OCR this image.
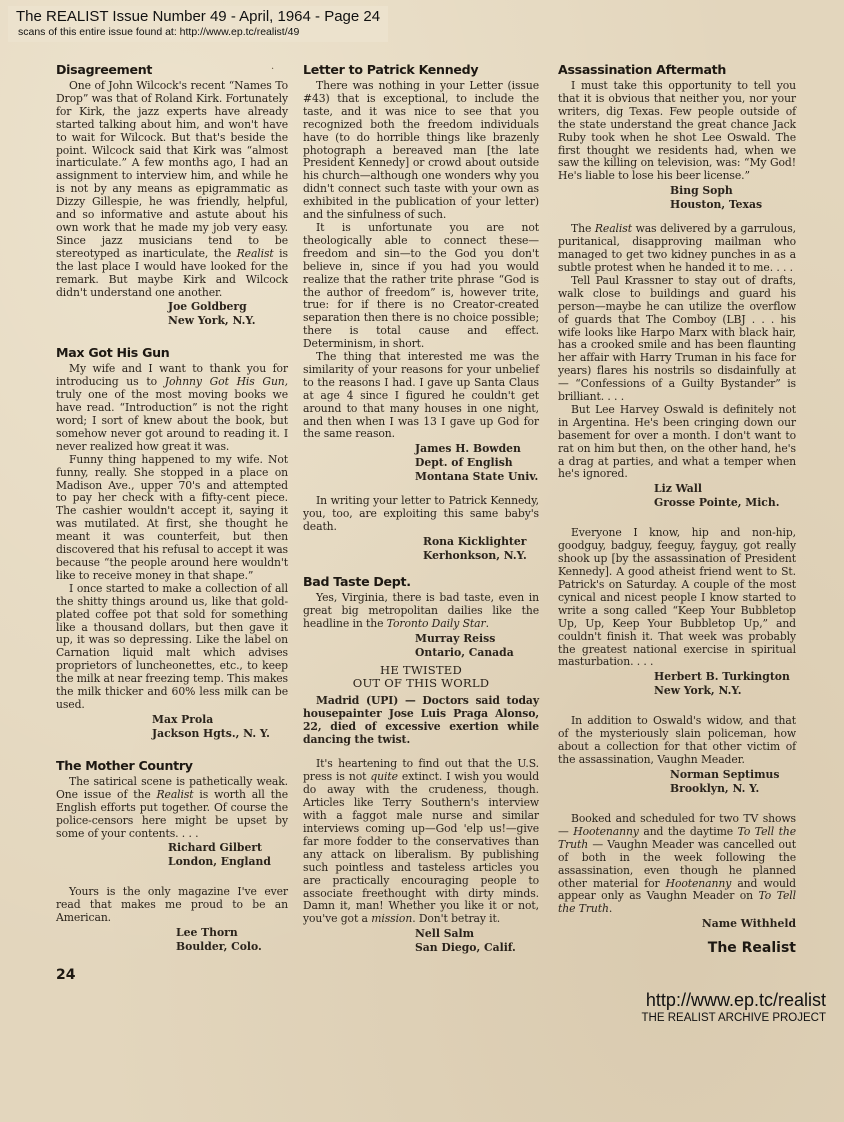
The REALIST Issue Number 49 - April, 1964 - Page 24
scans of this entire issue found at: http://www.ep.tc/realist/49
·
Disagreement

One of John Wilcock's recent “Names To Drop” was that of Roland Kirk. Fortunately for Kirk, the jazz experts have already started talking about him, and won't have to wait for Wilcock. But that's beside the point. Wilcock said that Kirk was “almost inarticulate.” A few months ago, I had an assignment to interview him, and while he is not by any means as epigrammatic as Dizzy Gillespie, he was friendly, helpful, and so informative and astute about his own work that he made my job very easy. Since jazz musicians tend to be stereotyped as inarticulate, the Realist is the last place I would have looked for the remark. But maybe Kirk and Wilcock didn't understand one another.

Joe Goldberg
New York, N.Y.
Max Got His Gun

My wife and I want to thank you for introducing us to Johnny Got His Gun, truly one of the most moving books we have read. “Introduction” is not the right word; I sort of knew about the book, but somehow never got around to reading it. I never realized how great it was.

Funny thing happened to my wife. Not funny, really. She stopped in a place on Madison Ave., upper 70's and attempted to pay her check with a fifty-cent piece. The cashier wouldn't accept it, saying it was mutilated. At first, she thought he meant it was counterfeit, but then discovered that his refusal to accept it was because “the people around here wouldn't like to receive money in that shape.”

I once started to make a collection of all the shitty things around us, like that gold-plated coffee pot that sold for something like a thousand dollars, but then gave it up, it was so depressing. Like the label on Carnation liquid malt which advises proprietors of luncheonettes, etc., to keep the milk at near freezing temp. This makes the milk thicker and 60% less milk can be used.

Max Prola
Jackson Hgts., N. Y.
The Mother Country

The satirical scene is pathetically weak. One issue of the Realist is worth all the English efforts put together. Of course the police-censors here might be upset by some of your contents. . . .

Richard Gilbert
London, England

Yours is the only magazine I've ever read that makes me proud to be an American.

Lee Thorn
Boulder, Colo.
24
Letter to Patrick Kennedy

There was nothing in your Letter (issue #43) that is exceptional, to include the taste, and it was nice to see that you recognized both the freedom individuals have (to do horrible things like brazenly photograph a bereaved man [the late President Kennedy] or crowd about outside his church—although one wonders why you didn't connect such taste with your own as exhibited in the publication of your letter) and the sinfulness of such.

It is unfortunate you are not theologically able to connect these—freedom and sin—to the God you don't believe in, since if you had you would realize that the rather trite phrase “God is the author of freedom” is, however trite, true: for if there is no Creator-created separation then there is no choice possible; there is total cause and effect. Determinism, in short.

The thing that interested me was the similarity of your reasons for your unbelief to the reasons I had. I gave up Santa Claus at age 4 since I figured he couldn't get around to that many houses in one night, and then when I was 13 I gave up God for the same reason.

James H. Bowden
Dept. of English
Montana State Univ.

In writing your letter to Patrick Kennedy, you, too, are exploiting this same baby's death.

Rona Kicklighter
Kerhonkson, N.Y.
Bad Taste Dept.

Yes, Virginia, there is bad taste, even in great big metropolitan dailies like the headline in the Toronto Daily Star.

Murray Reiss
Ontario, Canada
HE TWISTED
OUT OF THIS WORLD

Madrid (UPI) — Doctors said today housepainter Jose Luis Praga Alonso, 22, died of excessive exertion while dancing the twist.

It's heartening to find out that the U.S. press is not quite extinct. I wish you would do away with the crudeness, though. Articles like Terry Southern's interview with a faggot male nurse and similar interviews coming up—God 'elp us!—give far more fodder to the conservatives than any attack on liberalism. By publishing such pointless and tasteless articles you are practically encouraging people to associate freethought with dirty minds. Damn it, man! Whether you like it or not, you've got a mission. Don't betray it.

Nell Salm
San Diego, Calif.
Assassination Aftermath

I must take this opportunity to tell you that it is obvious that neither you, nor your writers, dig Texas. Few people outside of the state understand the great chance Jack Ruby took when he shot Lee Oswald. The first thought we residents had, when we saw the killing on television, was: “My God! He's liable to lose his beer license.”

Bing Soph
Houston, Texas

The Realist was delivered by a garrulous, puritanical, disapproving mailman who managed to get two kidney punches in as a subtle protest when he handed it to me. . . .

Tell Paul Krassner to stay out of drafts, walk close to buildings and guard his person—maybe he can utilize the overflow of guards that The Comboy (LBJ . . . his wife looks like Harpo Marx with black hair, has a crooked smile and has been flaunting her affair with Harry Truman in his face for years) flares his nostrils so disdainfully at — “Confessions of a Guilty Bystander” is brilliant. . . .

But Lee Harvey Oswald is definitely not in Argentina. He's been cringing down our basement for over a month. I don't want to rat on him but then, on the other hand, he's a drag at parties, and what a temper when he's ignored.

Liz Wall
Grosse Pointe, Mich.

Everyone I know, hip and non-hip, goodguy, badguy, feeguy, fayguy, got really shook up [by the assassination of President Kennedy]. A good atheist friend went to St. Patrick's on Saturday. A couple of the most cynical and nicest people I know started to write a song called “Keep Your Bubbletop Up, Up, Keep Your Bubbletop Up,” and couldn't finish it. That week was probably the greatest national exercise in spiritual masturbation. . . .

Herbert B. Turkington
New York, N.Y.

In addition to Oswald's widow, and that of the mysteriously slain policeman, how about a collection for that other victim of the assassination, Vaughn Meader.

Norman Septimus
Brooklyn, N. Y.

Booked and scheduled for two TV shows — Hootenanny and the daytime To Tell the Truth — Vaughn Meader was cancelled out of both in the week following the assassination, even though he planned other material for Hootenanny and would appear only as Vaughn Meader on To Tell the Truth.

Name Withheld
The Realist
http://www.ep.tc/realist
THE REALIST ARCHIVE PROJECT
